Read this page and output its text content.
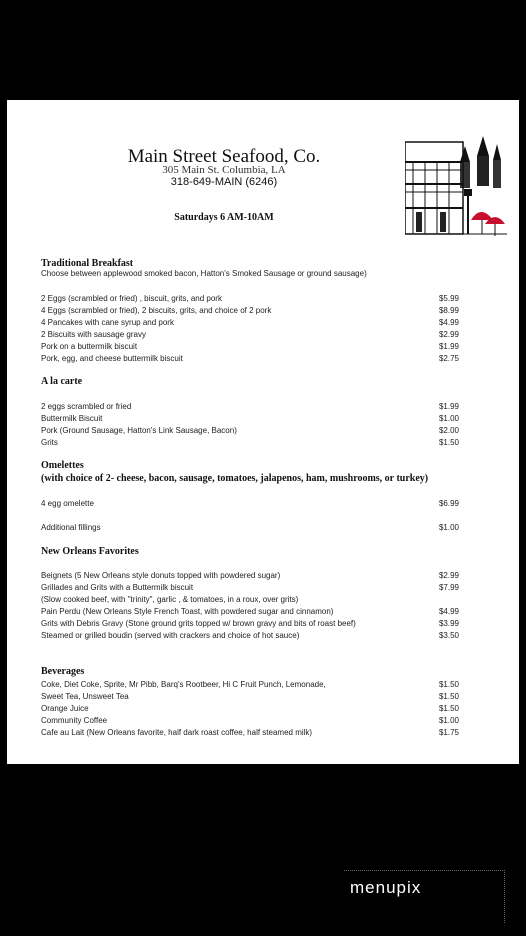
Main Street Seafood, Co.
305 Main St. Columbia, LA
318-649-MAIN (6246)
Saturdays 6 AM-10AM
Traditional Breakfast
Choose between applewood smoked bacon, Hatton's Smoked Sausage or ground sausage)
2 Eggs (scrambled or fried) , biscuit, grits, and pork	$5.99
4 Eggs (scrambled or fried), 2 biscuits, grits, and choice of 2 pork	$8.99
4 Pancakes with cane syrup and pork	$4.99
2 Biscuits with sausage gravy	$2.99
Pork on a buttermilk biscuit	$1.99
Pork, egg, and cheese buttermilk biscuit	$2.75
A la carte
2 eggs scrambled or fried	$1.99
Buttermilk Biscuit	$1.00
Pork (Ground Sausage, Hatton's Link Sausage, Bacon)	$2.00
Grits	$1.50
Omelettes
(with choice of 2- cheese, bacon, sausage, tomatoes, jalapenos, ham, mushrooms, or turkey)
4 egg omelette	$6.99
Additional fillings	$1.00
New Orleans Favorites
Beignets (5 New Orleans style donuts topped with powdered sugar)	$2.99
Grillades and Grits with a Buttermilk biscuit	$7.99
(Slow cooked beef, with "trinity", garlic , & tomatoes, in a roux, over grits)
Pain Perdu (New Orleans Style French Toast, with powdered sugar and cinnamon)	$4.99
Grits with Debris Gravy (Stone ground grits topped w/ brown gravy and bits of roast beef)	$3.99
Steamed or grilled boudin (served with crackers and choice of hot sauce)	$3.50
Beverages
Coke, Diet Coke, Sprite, Mr Pibb, Barq's Rootbeer, Hi C Fruit Punch, Lemonade,	$1.50
Sweet Tea, Unsweet Tea	$1.50
Orange Juice	$1.50
Community Coffee	$1.00
Cafe au Lait (New Orleans favorite, half dark roast coffee, half steamed milk)	$1.75
menupix
